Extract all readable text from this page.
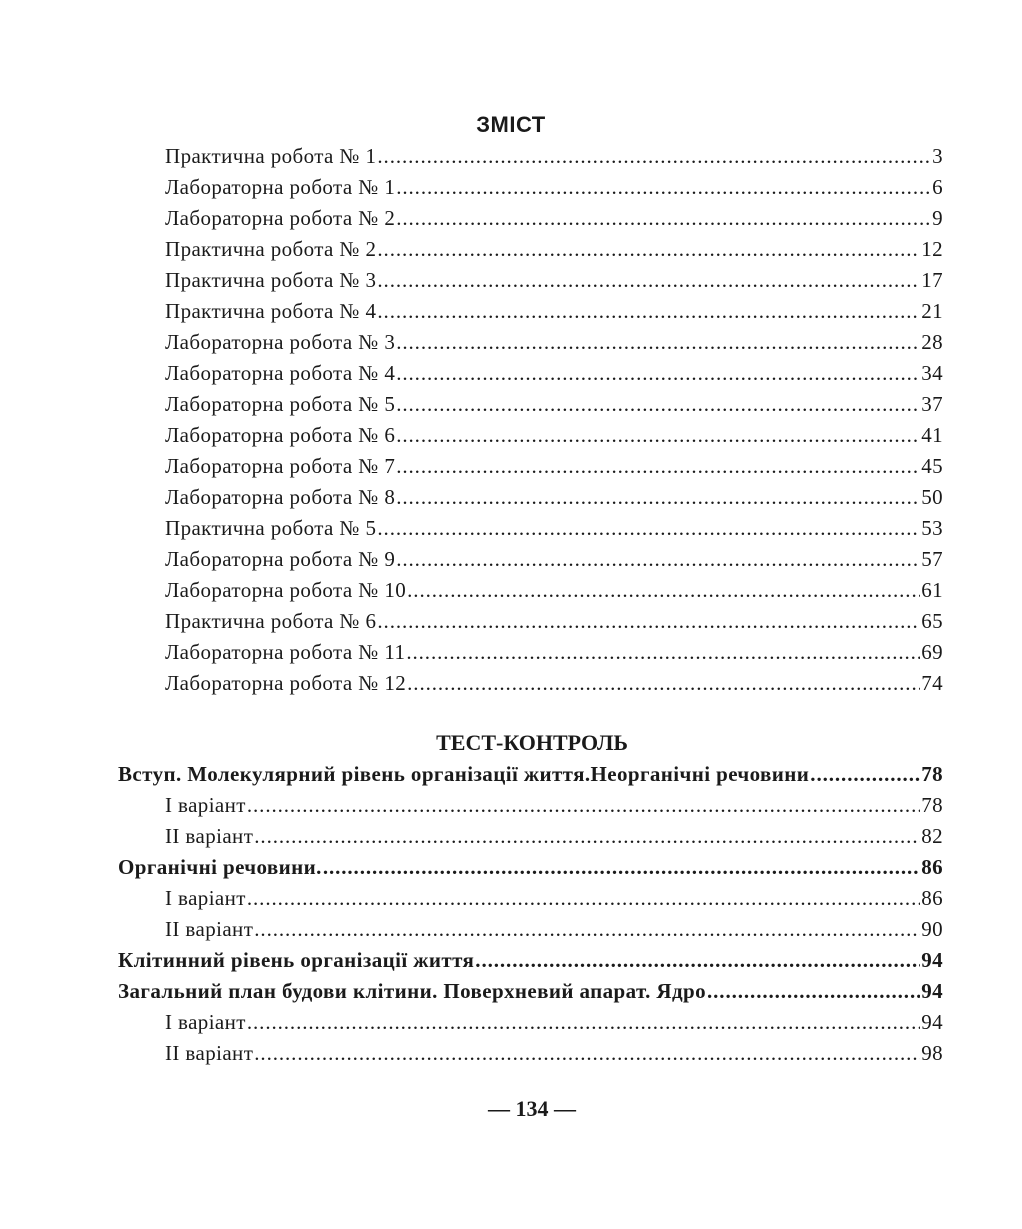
ЗМІСТ
Практична робота № 1 .....	3
Лабораторна робота № 1 .....	6
Лабораторна робота № 2 .....	9
Практична робота № 2 .....	12
Практична робота № 3 .....	17
Практична робота № 4 .....	21
Лабораторна робота № 3 .....	28
Лабораторна робота № 4 .....	34
Лабораторна робота № 5 .....	37
Лабораторна робота № 6 .....	41
Лабораторна робота № 7 .....	45
Лабораторна робота № 8 .....	50
Практична робота № 5 .....	53
Лабораторна робота № 9 .....	57
Лабораторна робота № 10 .....	61
Практична робота № 6 .....	65
Лабораторна робота № 11 .....	69
Лабораторна робота № 12 .....	74
ТЕСТ-КОНТРОЛЬ
Вступ. Молекулярний рівень організації життя.Неорганічні речовини .....	78
І варіант .....	78
ІІ варіант .....	82
Органічні речовини. .....	86
І варіант .....	86
ІІ варіант .....	90
Клітинний рівень організації життя .....	94
Загальний план будови клітини. Поверхневий апарат. Ядро .....	94
І варіант .....	94
ІІ варіант .....	98
— 134 —
